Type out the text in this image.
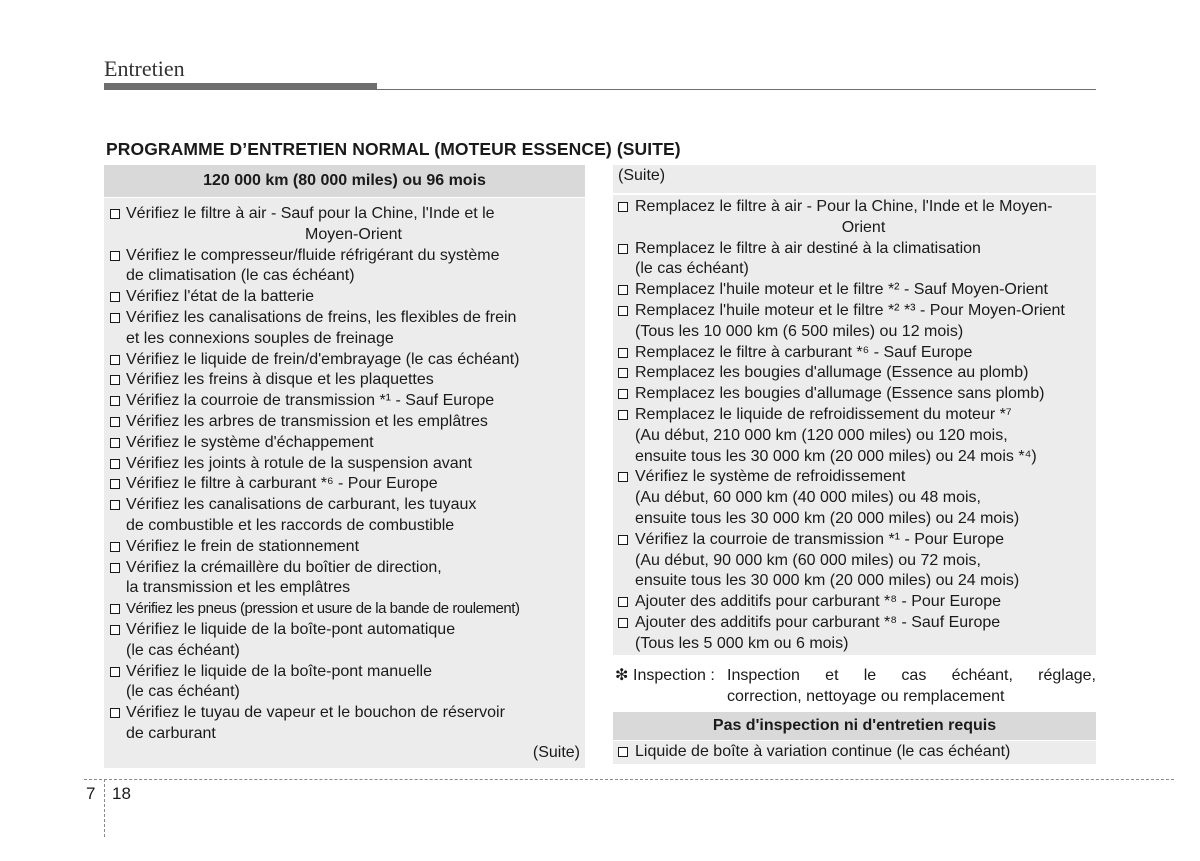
Entretien
PROGRAMME D’ENTRETIEN NORMAL (MOTEUR ESSENCE) (SUITE)
120 000 km (80 000 miles) ou 96 mois
Vérifiez le filtre à air - Sauf pour la Chine, l'Inde et le
Moyen-Orient
Vérifiez le compresseur/fluide réfrigérant du système
de climatisation (le cas échéant)
Vérifiez l'état de la batterie
Vérifiez les canalisations de freins, les flexibles de frein
et les connexions souples de freinage
Vérifiez le liquide de frein/d'embrayage (le cas échéant)
Vérifiez les freins à disque et les plaquettes
Vérifiez la courroie de transmission *¹ - Sauf Europe
Vérifiez les arbres de transmission et les emplâtres
Vérifiez le système d'échappement
Vérifiez les joints à rotule de la suspension avant
Vérifiez le filtre à carburant *⁶ - Pour Europe
Vérifiez les canalisations de carburant, les tuyaux
de combustible et les raccords de combustible
Vérifiez le frein de stationnement
Vérifiez la crémaillère du boîtier de direction,
la transmission et les emplâtres
Vérifiez les pneus (pression et usure de la bande de roulement)
Vérifiez le liquide de la boîte-pont automatique
(le cas échéant)
Vérifiez le liquide de la boîte-pont manuelle
(le cas échéant)
Vérifiez le tuyau de vapeur et le bouchon de réservoir
de carburant
(Suite)
(Suite)
Remplacez le filtre à air - Pour la Chine, l'Inde et le Moyen-
Orient
Remplacez le filtre à air destiné à la climatisation
(le cas échéant)
Remplacez l'huile moteur et le filtre *² - Sauf Moyen-Orient
Remplacez l'huile moteur et le filtre *² *³ - Pour Moyen-Orient
(Tous les 10 000 km (6 500 miles) ou 12 mois)
Remplacez le filtre à carburant *⁶ - Sauf Europe
Remplacez les bougies d'allumage (Essence au plomb)
Remplacez les bougies d'allumage (Essence sans plomb)
Remplacez le liquide de refroidissement du moteur *⁷
(Au début, 210 000 km (120 000 miles) ou 120 mois,
ensuite tous les 30 000 km (20 000 miles) ou 24 mois *⁴)
Vérifiez le système de refroidissement
(Au début, 60 000 km (40 000 miles) ou 48 mois,
ensuite tous les 30 000 km (20 000 miles) ou 24 mois)
Vérifiez la courroie de transmission *¹ - Pour Europe
(Au début, 90 000 km (60 000 miles) ou 72 mois,
ensuite tous les 30 000 km (20 000 miles) ou 24 mois)
Ajouter des additifs pour carburant *⁸ - Pour Europe
Ajouter des additifs pour carburant *⁸ - Sauf Europe
(Tous les 5 000 km ou 6 mois)
❇ Inspection : Inspection et le cas échéant, réglage,
correction, nettoyage ou remplacement
Pas d'inspection ni d'entretien requis
Liquide de boîte à variation continue (le cas échéant)
7 18
